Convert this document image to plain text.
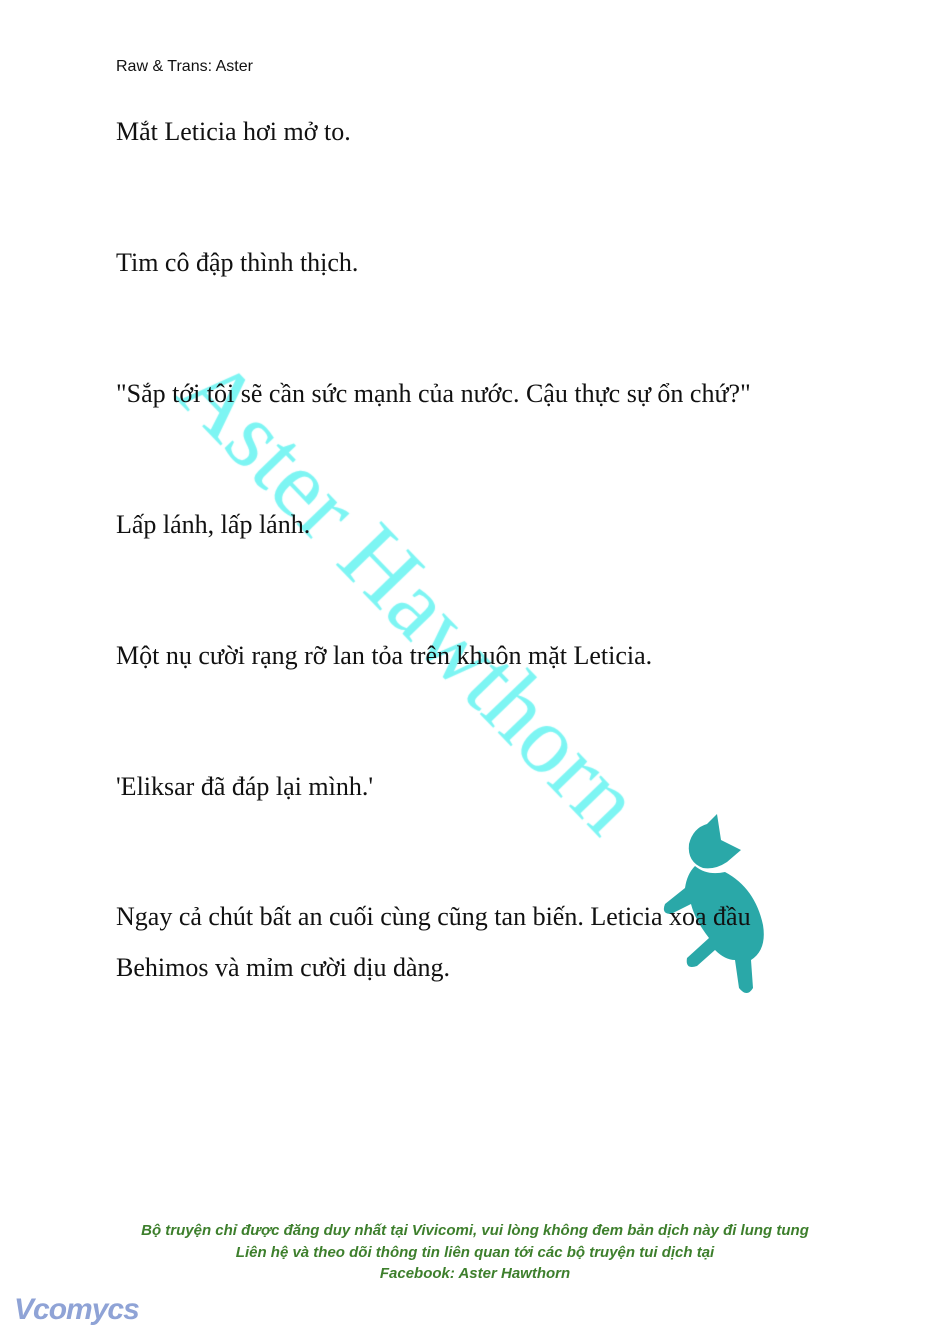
Raw & Trans: Aster
Mắt Leticia hơi mở to.
Tim cô đập thình thịch.
"Sắp tới tôi sẽ cần sức mạnh của nước. Cậu thực sự ổn chứ?"
Lấp lánh, lấp lánh.
Một nụ cười rạng rỡ lan tỏa trên khuôn mặt Leticia.
'Eliksar đã đáp lại mình.'
Ngay cả chút bất an cuối cùng cũng tan biến. Leticia xoa đầu
Behimos và mỉm cười dịu dàng.
Bộ truyện chỉ được đăng duy nhất tại Vivicomi, vui lòng không đem bản dịch này đi lung tung
Liên hệ và theo dõi thông tin liên quan tới các bộ truyện tui dịch tại
Facebook: Aster Hawthorn
Vcomycs
